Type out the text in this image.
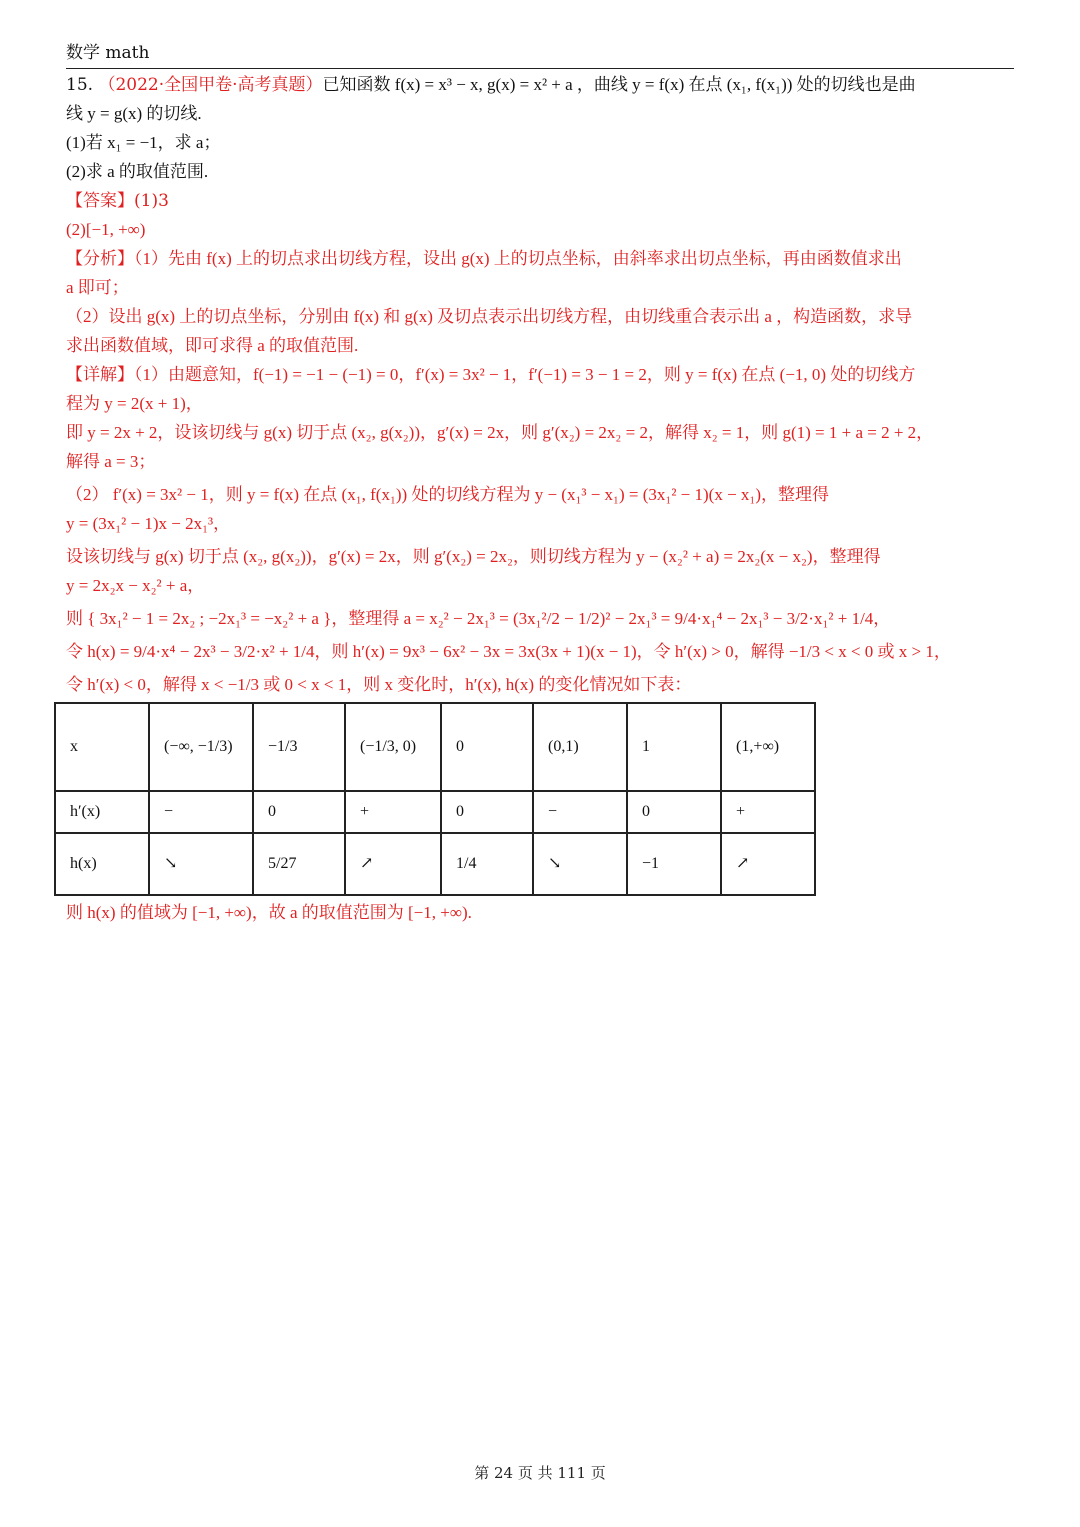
数学 math
15. （2022·全国甲卷·高考真题）已知函数 f(x) = x³ − x, g(x) = x² + a ，曲线 y = f(x) 在点 (x₁, f(x₁)) 处的切线也是曲
线 y = g(x) 的切线.
(1)若 x₁ = −1，求 a；
(2)求 a 的取值范围.
【答案】(1)3
(2)[−1, +∞)
【分析】（1）先由 f(x) 上的切点求出切线方程，设出 g(x) 上的切点坐标，由斜率求出切点坐标，再由函数值求出
a 即可；
（2）设出 g(x) 上的切点坐标，分别由 f(x) 和 g(x) 及切点表示出切线方程，由切线重合表示出 a ，构造函数，求导
求出函数值域，即可求得 a 的取值范围.
【详解】（1）由题意知，f(−1) = −1 − (−1) = 0，f′(x) = 3x² − 1，f′(−1) = 3 − 1 = 2，则 y = f(x) 在点 (−1, 0) 处的切线方
程为 y = 2(x + 1)，
即 y = 2x + 2，设该切线与 g(x) 切于点 (x₂, g(x₂))，g′(x) = 2x，则 g′(x₂) = 2x₂ = 2，解得 x₂ = 1，则 g(1) = 1 + a = 2 + 2，
解得 a = 3；
（2） f′(x) = 3x² − 1，则 y = f(x) 在点 (x₁, f(x₁)) 处的切线方程为 y − (x₁³ − x₁) = (3x₁² − 1)(x − x₁)，整理得
y = (3x₁² − 1)x − 2x₁³，
设该切线与 g(x) 切于点 (x₂, g(x₂))，g′(x) = 2x，则 g′(x₂) = 2x₂，则切线方程为 y − (x₂² + a) = 2x₂(x − x₂)，整理得
y = 2x₂x − x₂² + a，
则 { 3x₁² − 1 = 2x₂ ; −2x₁³ = −x₂² + a }，整理得 a = x₂² − 2x₁³ = (3x₁²/2 − 1/2)² − 2x₁³ = 9/4·x₁⁴ − 2x₁³ − 3/2·x₁² + 1/4，
令 h(x) = 9/4·x⁴ − 2x³ − 3/2·x² + 1/4，则 h′(x) = 9x³ − 6x² − 3x = 3x(3x + 1)(x − 1)，令 h′(x) > 0，解得 −1/3 < x < 0 或 x > 1，
令 h′(x) < 0，解得 x < −1/3 或 0 < x < 1，则 x 变化时，h′(x), h(x) 的变化情况如下表：
x	(−∞, −1/3)	−1/3	(−1/3, 0)	0	(0,1)	1	(1,+∞)
h′(x)	−	0	+	0	−	0	+
h(x)	↘	5/27	↗	1/4	↘	−1	↗
则 h(x) 的值域为 [−1, +∞)，故 a 的取值范围为 [−1, +∞).
第 24 页 共 111 页
